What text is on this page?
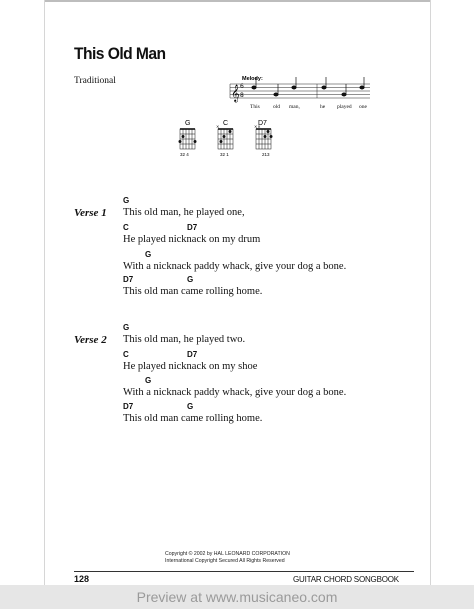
This Old Man
Traditional	Melody:
𝄞 6
8
This old man,	he played one
G
32 4
C
×
32 1
D7
××
213
Verse 1
G
This old man, he played one,
C	D7
He played nicknack on my drum
G
With a nicknack paddy whack, give your dog a bone.
D7	G
This old man came rolling home.
Verse 2
G
This old man, he played two.
C	D7
He played nicknack on my shoe
G
With a nicknack paddy whack, give your dog a bone.
D7	G
This old man came rolling home.
Copyright © 2002 by HAL LEONARD CORPORATION
International Copyright Secured All Rights Reserved
128	GUITAR CHORD SONGBOOK
Preview at www.musicaneo.com
